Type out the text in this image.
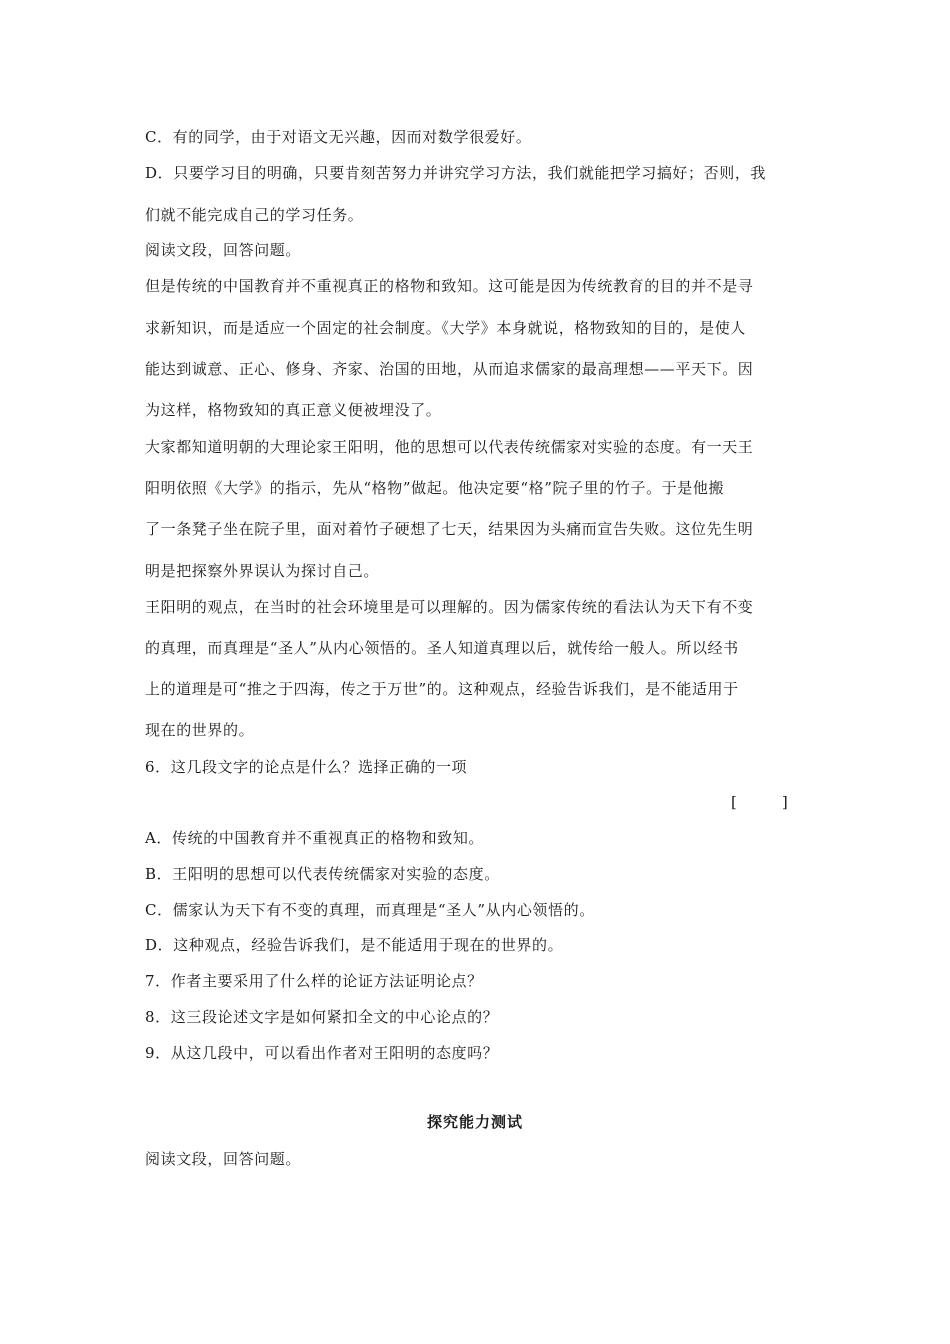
C．有的同学，由于对语文无兴趣，因而对数学很爱好。
D．只要学习目的明确，只要肯刻苦努力并讲究学习方法，我们就能把学习搞好；否则，我
们就不能完成自己的学习任务。
阅读文段，回答问题。
但是传统的中国教育并不重视真正的格物和致知。这可能是因为传统教育的目的并不是寻
求新知识，而是适应一个固定的社会制度。《大学》本身就说，格物致知的目的，是使人
能达到诚意、正心、修身、齐家、治国的田地，从而追求儒家的最高理想——平天下。因
为这样，格物致知的真正意义便被埋没了。
大家都知道明朝的大理论家王阳明，他的思想可以代表传统儒家对实验的态度。有一天王
阳明依照《大学》的指示，先从“格物”做起。他决定要“格”院子里的竹子。于是他搬
了一条凳子坐在院子里，面对着竹子硬想了七天，结果因为头痛而宣告失败。这位先生明
明是把探察外界误认为探讨自己。
王阳明的观点，在当时的社会环境里是可以理解的。因为儒家传统的看法认为天下有不变
的真理，而真理是“圣人”从内心领悟的。圣人知道真理以后，就传给一般人。所以经书
上的道理是可“推之于四海，传之于万世”的。这种观点，经验告诉我们，是不能适用于
现在的世界的。
6．这几段文字的论点是什么？选择正确的一项
[　　　]
A．传统的中国教育并不重视真正的格物和致知。
B．王阳明的思想可以代表传统儒家对实验的态度。
C．儒家认为天下有不变的真理，而真理是“圣人”从内心领悟的。
D．这种观点，经验告诉我们，是不能适用于现在的世界的。
7．作者主要采用了什么样的论证方法证明论点？
8．这三段论述文字是如何紧扣全文的中心论点的？
9．从这几段中，可以看出作者对王阳明的态度吗？
探究能力测试
阅读文段，回答问题。
